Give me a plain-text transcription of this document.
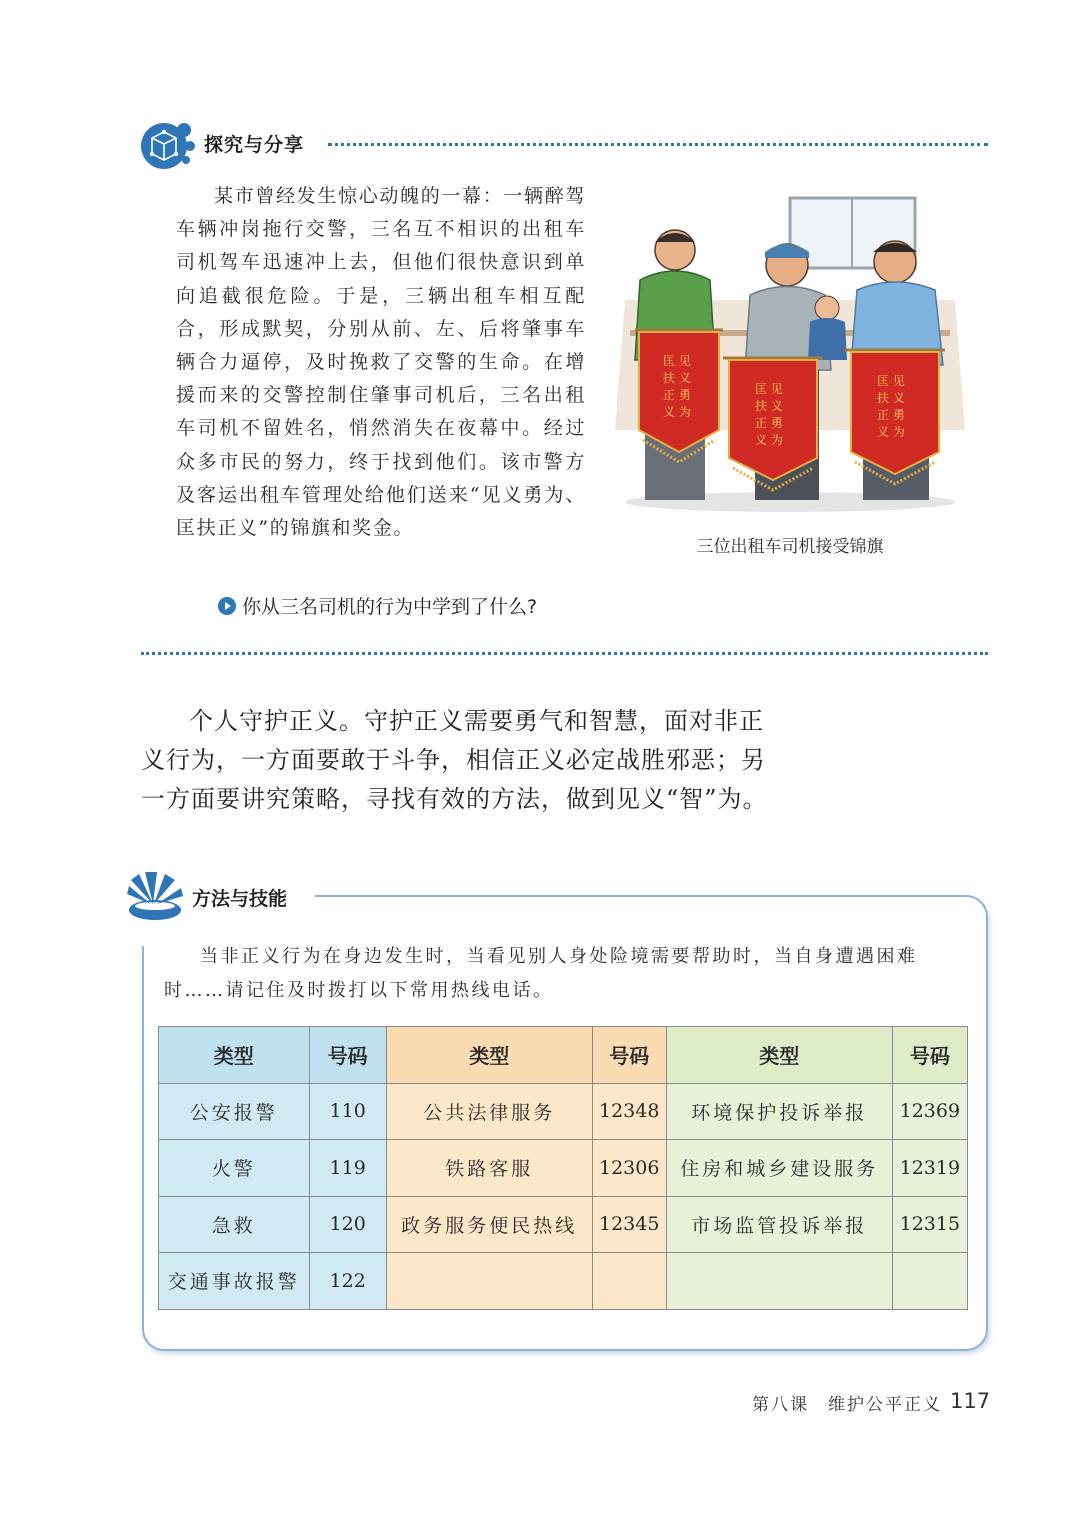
探究与分享

某市曾经发生惊心动魄的一幕：一辆醉驾车辆冲岗拖行交警，三名互不相识的出租车司机驾车迅速冲上去，但他们很快意识到单向追截很危险。于是，三辆出租车相互配合，形成默契，分别从前、左、后将肇事车辆合力逼停，及时挽救了交警的生命。在增援而来的交警控制住肇事司机后，三名出租车司机不留姓名，悄然消失在夜幕中。经过众多市民的努力，终于找到他们。该市警方及客运出租车管理处给他们送来“见义勇为、匡扶正义”的锦旗和奖金。

匡 见
扶 义
正 勇
义 为
匡 见
扶 义
正 勇
义 为
匡 见
扶 义
正 勇
义 为
三位出租车司机接受锦旗
你从三名司机的行为中学到了什么?

个人守护正义。守护正义需要勇气和智慧，面对非正义行为，一方面要敢于斗争，相信正义必定战胜邪恶；另一方面要讲究策略，寻找有效的方法，做到见义“智”为。

方法与技能

当非正义行为在身边发生时，当看见别人身处险境需要帮助时，当自身遭遇困难时……请记住及时拨打以下常用热线电话。

类型	号码	类型	号码	类型	号码
公安报警	110	公共法律服务	12348	环境保护投诉举报	12369
火警	119	铁路客服	12306	住房和城乡建设服务	12319
急救	120	政务服务便民热线	12345	市场监管投诉举报	12315
交通事故报警	122				
第八课　维护公平正义 117
